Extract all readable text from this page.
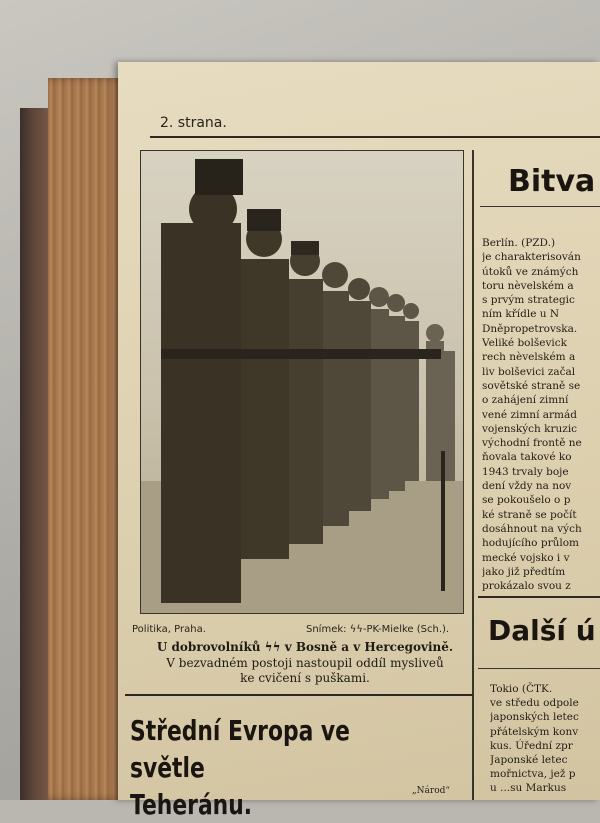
2. strana.
Politika, Praha.	Snímek: ϟϟ-PK-Mielke (Sch.).
U dobrovolníků ϟϟ v Bosně a v Hercegovině.
V bezvadném postoji nastoupil oddíl mysliveů
ke cvičení s puškami.
Střední Evropa ve světle
Teheránu.
Bitva
Berlín. (PZD.)
je charakterisován
útoků ve známých
toru nèvelském a
s prvým strategic
ním křídle u N
Dněpropetrovska.
Veliké bolševick
rech nèvelském a
liv bolševici začal
sovětské straně se
o zahájení zimní
vené zimní armád
vojenských kruzic
východní frontě ne
ňovala takové ko
1943 trvaly boje
dení vždy na nov
se pokoušelo o p
ké straně se počít
dosáhnout na vých
hodujícího průlom
mecké vojsko i v
jako již předtím
prokázalo svou z
Další ú
Tokio (ČTK.
ve středu odpole
japonských letec
přátelským konv
kus. Úřední zpr
Japonské letec
mořnictva, jež p
u ...su Markus
„Národ“
